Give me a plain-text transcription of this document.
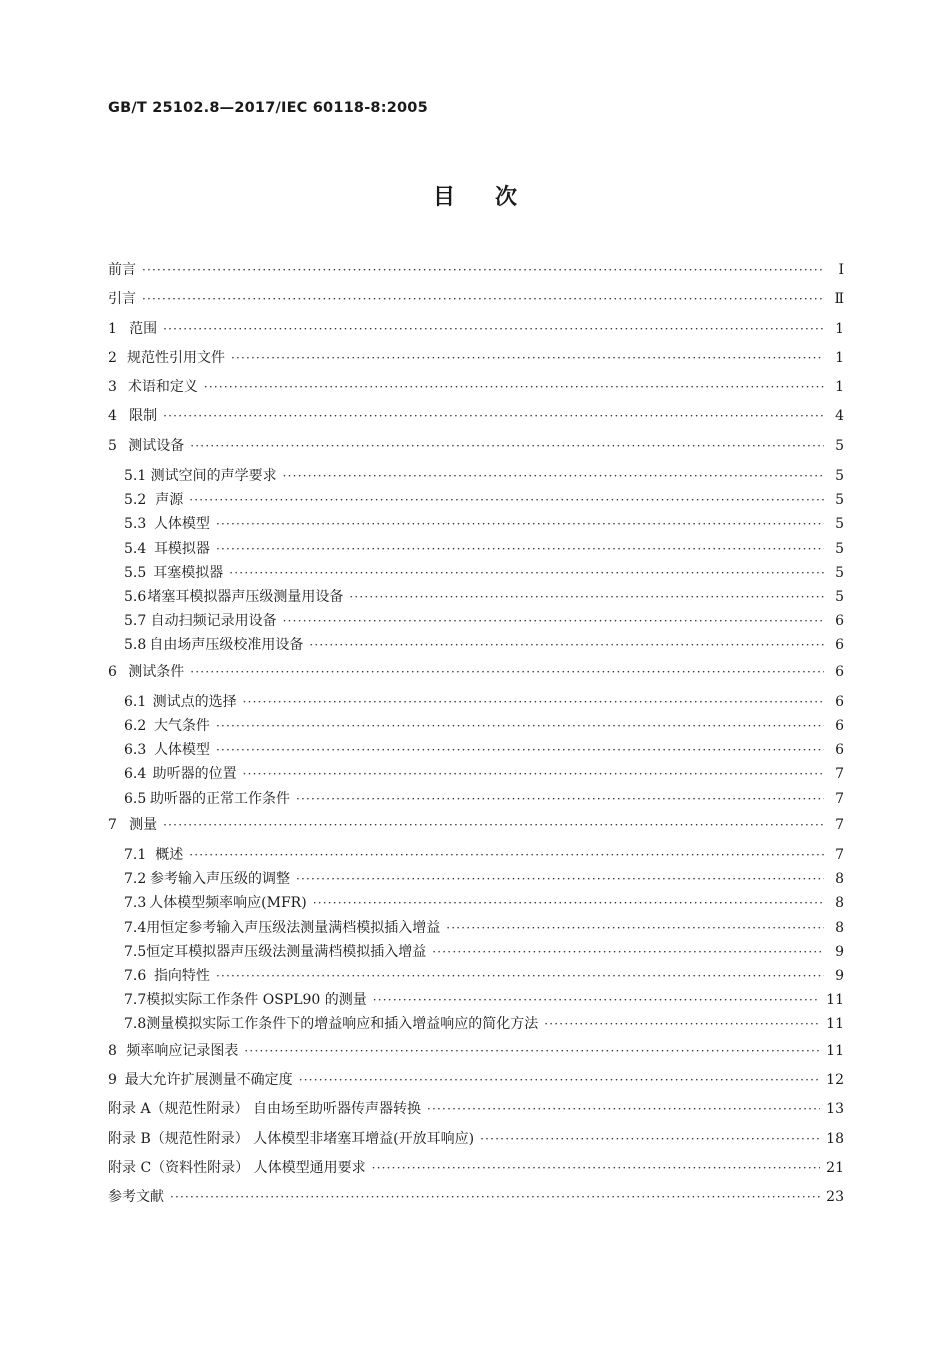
GB/T 25102.8—2017/IEC 60118-8:2005
目次
前言 ·····	Ⅰ
引言 ·····	Ⅱ
1 范围 ·····	1
2 规范性引用文件 ·····	1
3 术语和定义 ·····	1
4 限制 ·····	4
5 测试设备 ·····	5
5.1 测试空间的声学要求 ·····	5
5.2 声源 ·····	5
5.3 人体模型 ·····	5
5.4 耳模拟器 ·····	5
5.5 耳塞模拟器 ·····	5
5.6 堵塞耳模拟器声压级测量用设备 ·····	5
5.7 自动扫频记录用设备 ·····	6
5.8 自由场声压级校准用设备 ·····	6
6 测试条件 ·····	6
6.1 测试点的选择 ·····	6
6.2 大气条件 ·····	6
6.3 人体模型 ·····	6
6.4 助听器的位置 ·····	7
6.5 助听器的正常工作条件 ·····	7
7 测量 ·····	7
7.1 概述 ·····	7
7.2 参考输入声压级的调整 ·····	8
7.3 人体模型频率响应(MFR) ·····	8
7.4 用恒定参考输入声压级法测量满档模拟插入增益 ·····	8
7.5 恒定耳模拟器声压级法测量满档模拟插入增益 ·····	9
7.6 指向特性 ·····	9
7.7 模拟实际工作条件 OSPL90 的测量 ·····	11
7.8 测量模拟实际工作条件下的增益响应和插入增益响应的简化方法 ·····	11
8 频率响应记录图表 ·····	11
9 最大允许扩展测量不确定度 ·····	12
附录 A（规范性附录） 自由场至助听器传声器转换 ·····	13
附录 B（规范性附录） 人体模型非堵塞耳增益(开放耳响应) ·····	18
附录 C（资料性附录） 人体模型通用要求 ·····	21
参考文献 ·····	23
